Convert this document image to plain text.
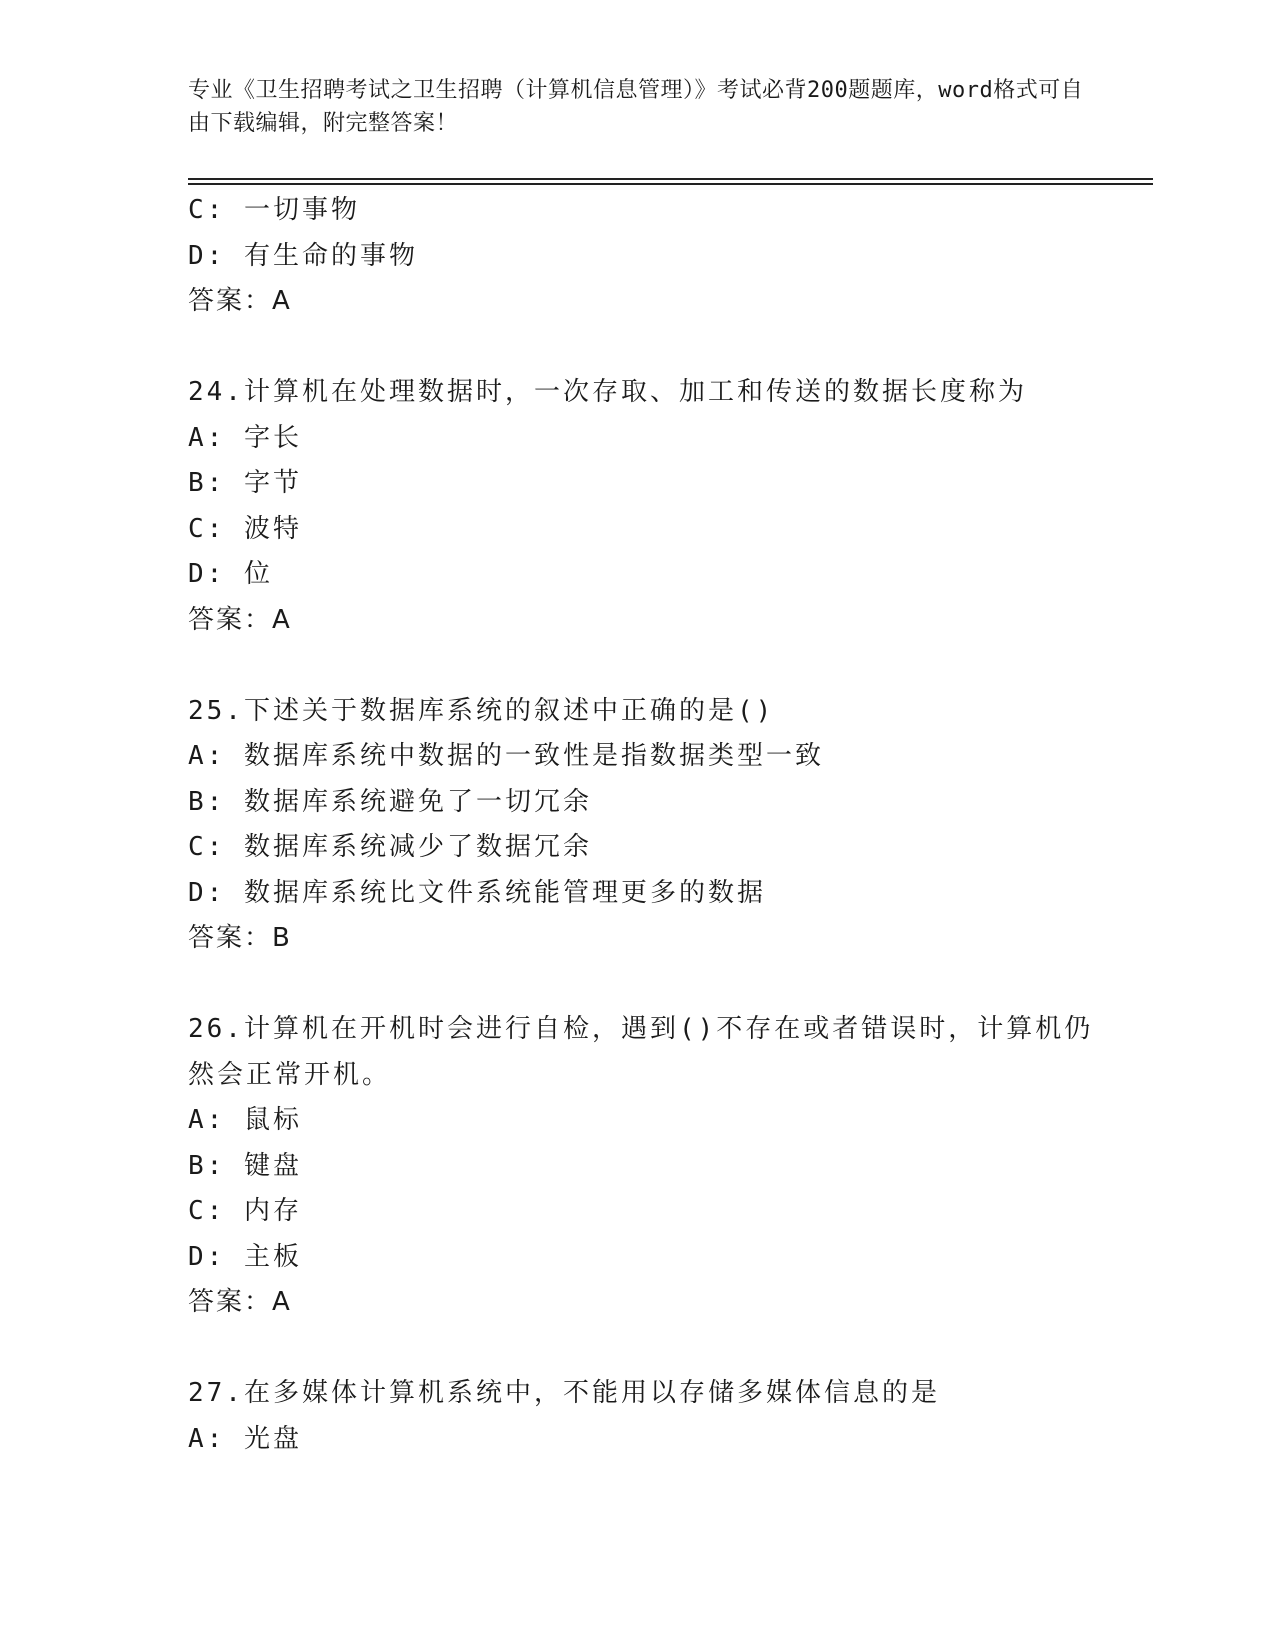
专业《卫生招聘考试之卫生招聘（计算机信息管理）》考试必背200题题库，word格式可自由下载编辑，附完整答案！
C: 一切事物
D: 有生命的事物
答案：A
24.计算机在处理数据时，一次存取、加工和传送的数据长度称为
A: 字长
B: 字节
C: 波特
D: 位
答案：A
25.下述关于数据库系统的叙述中正确的是()
A: 数据库系统中数据的一致性是指数据类型一致
B: 数据库系统避免了一切冗余
C: 数据库系统减少了数据冗余
D: 数据库系统比文件系统能管理更多的数据
答案：B
26.计算机在开机时会进行自检，遇到()不存在或者错误时，计算机仍
然会正常开机。
A: 鼠标
B: 键盘
C: 内存
D: 主板
答案：A
27.在多媒体计算机系统中，不能用以存储多媒体信息的是
A: 光盘
